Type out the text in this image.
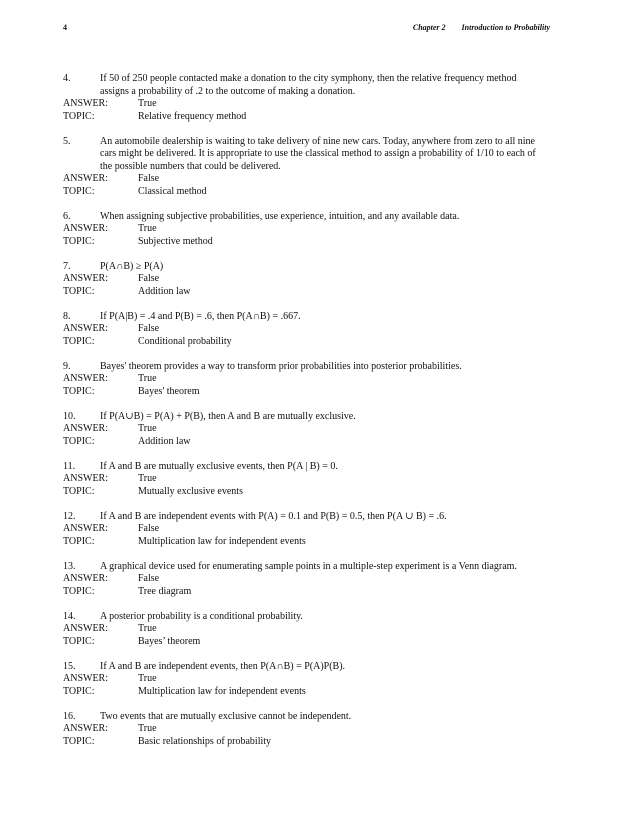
4	Chapter 2 Introduction to Probability
4.	If 50 of 250 people contacted make a donation to the city symphony, then the relative frequency method assigns a probability of .2 to the outcome of making a donation.
ANSWER:	True
TOPIC:	Relative frequency method
5.	An automobile dealership is waiting to take delivery of nine new cars. Today, anywhere from zero to all nine cars might be delivered. It is appropriate to use the classical method to assign a probability of 1/10 to each of the possible numbers that could be delivered.
ANSWER:	False
TOPIC:	Classical method
6.	When assigning subjective probabilities, use experience, intuition, and any available data.
ANSWER:	True
TOPIC:	Subjective method
7.	P(A∩B) ≥ P(A)
ANSWER:	False
TOPIC:	Addition law
8.	If P(A|B) = .4 and P(B) = .6, then P(A∩B) = .667.
ANSWER:	False
TOPIC:	Conditional probability
9.	Bayes' theorem provides a way to transform prior probabilities into posterior probabilities.
ANSWER:	True
TOPIC:	Bayes' theorem
10.	If P(A∪B) = P(A) + P(B), then A and B are mutually exclusive.
ANSWER:	True
TOPIC:	Addition law
11.	If A and B are mutually exclusive events, then P(A | B) = 0.
ANSWER:	True
TOPIC:	Mutually exclusive events
12.	If A and B are independent events with P(A) = 0.1 and P(B) = 0.5, then P(A ∪ B) = .6.
ANSWER:	False
TOPIC:	Multiplication law for independent events
13.	A graphical device used for enumerating sample points in a multiple-step experiment is a Venn diagram.
ANSWER:	False
TOPIC:	Tree diagram
14.	A posterior probability is a conditional probability.
ANSWER:	True
TOPIC:	Bayes’ theorem
15.	If A and B are independent events, then P(A∩B) = P(A)P(B).
ANSWER:	True
TOPIC:	Multiplication law for independent events
16.	Two events that are mutually exclusive cannot be independent.
ANSWER:	True
TOPIC:	Basic relationships of probability
